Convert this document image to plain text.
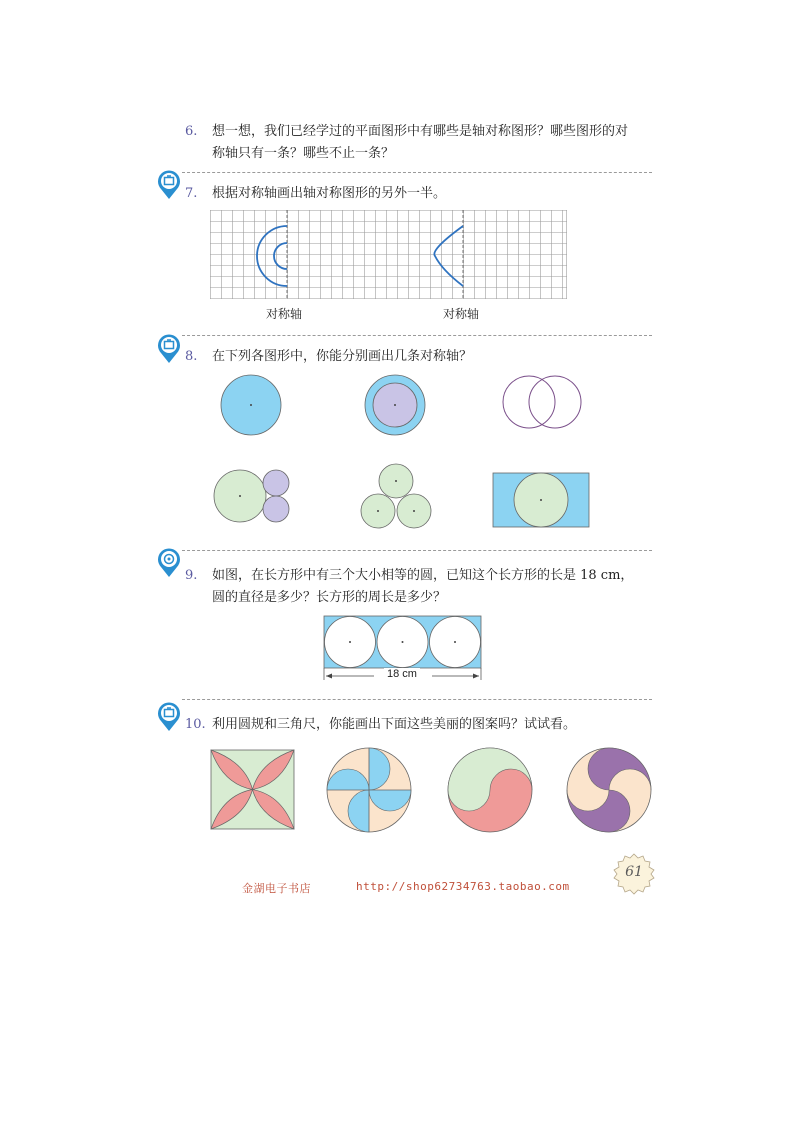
6. 想一想，我们已经学过的平面图形中有哪些是轴对称图形？哪些图形的对
称轴只有一条？哪些不止一条？
7. 根据对称轴画出轴对称图形的另外一半。
对称轴	对称轴
8. 在下列各图形中，你能分别画出几条对称轴？
9. 如图，在长方形中有三个大小相等的圆，已知这个长方形的长是 18 cm，
圆的直径是多少？长方形的周长是多少？
18 cm
10. 利用圆规和三角尺，你能画出下面这些美丽的图案吗？试试看。
金湖电子书店	http://shop62734763.taobao.com
61
